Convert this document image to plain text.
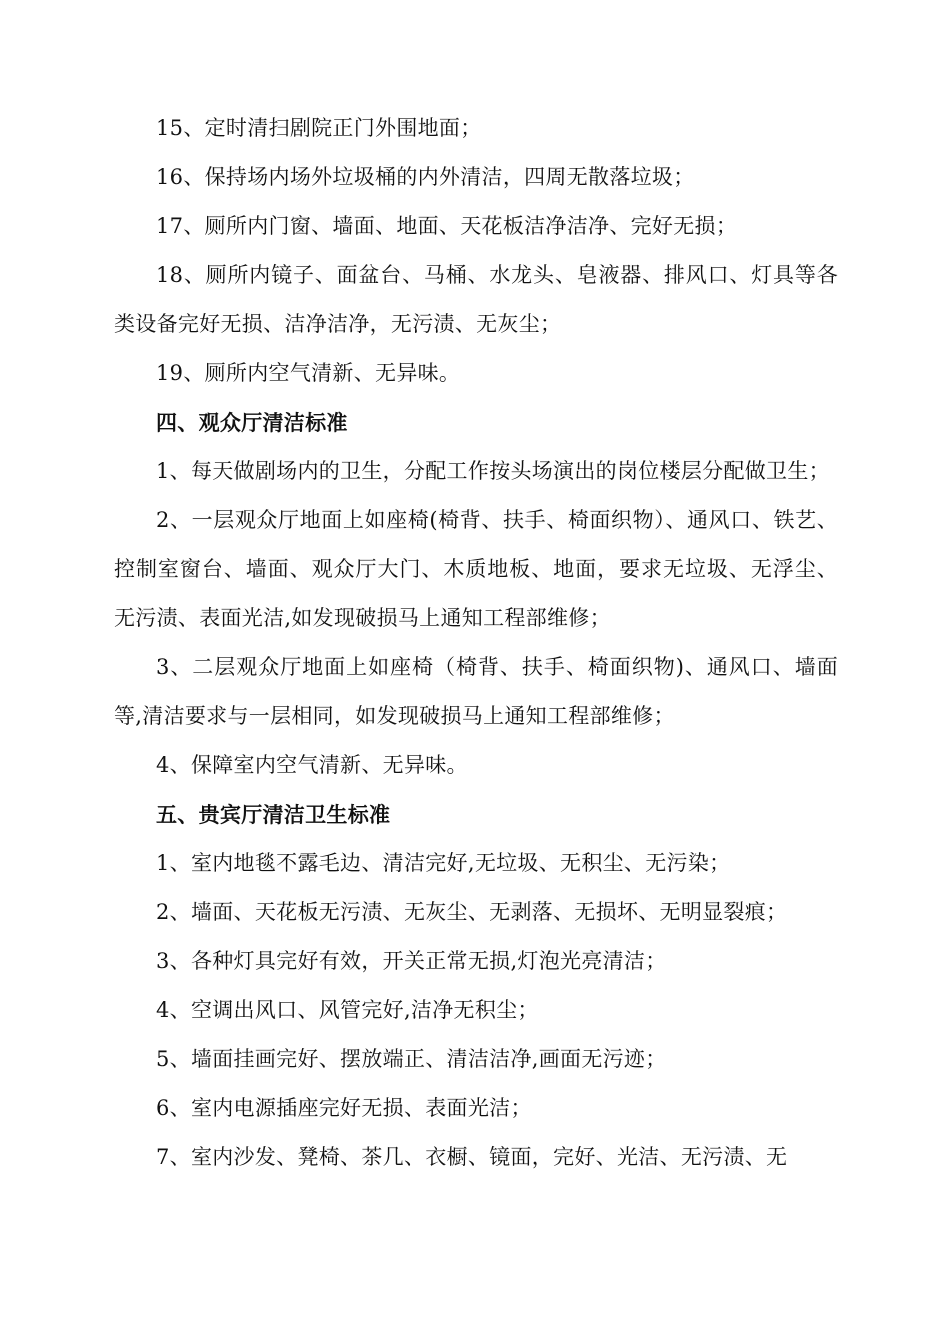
15、定时清扫剧院正门外围地面；

16、保持场内场外垃圾桶的内外清洁，四周无散落垃圾；

17、厕所内门窗、墙面、地面、天花板洁净洁净、完好无损；

18、厕所内镜子、面盆台、马桶、水龙头、皂液器、排风口、灯具等各类设备完好无损、洁净洁净，无污渍、无灰尘；

19、厕所内空气清新、无异味。

四、观众厅清洁标准

1、每天做剧场内的卫生，分配工作按头场演出的岗位楼层分配做卫生；

2、一层观众厅地面上如座椅(椅背、扶手、椅面织物）、通风口、铁艺、控制室窗台、墙面、观众厅大门、木质地板、地面，要求无垃圾、无浮尘、无污渍、表面光洁,如发现破损马上通知工程部维修；

3、二层观众厅地面上如座椅（椅背、扶手、椅面织物)、通风口、墙面等,清洁要求与一层相同，如发现破损马上通知工程部维修；

4、保障室内空气清新、无异味。

五、贵宾厅清洁卫生标准

1、室内地毯不露毛边、清洁完好,无垃圾、无积尘、无污染；

2、墙面、天花板无污渍、无灰尘、无剥落、无损坏、无明显裂痕；

3、各种灯具完好有效，开关正常无损,灯泡光亮清洁；

4、空调出风口、风管完好,洁净无积尘；

5、墙面挂画完好、摆放端正、清洁洁净,画面无污迹；

6、室内电源插座完好无损、表面光洁；

7、室内沙发、凳椅、茶几、衣橱、镜面，完好、光洁、无污渍、无
